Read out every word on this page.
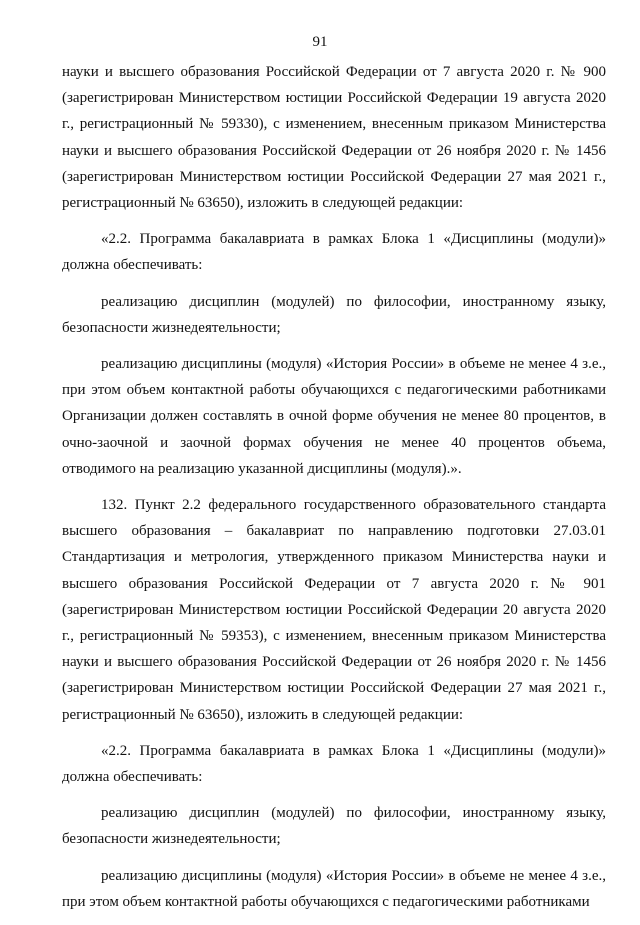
91

науки и высшего образования Российской Федерации от 7 августа 2020 г. № 900 (зарегистрирован Министерством юстиции Российской Федерации 19 августа 2020 г., регистрационный № 59330), с изменением, внесенным приказом Министерства науки и высшего образования Российской Федерации от 26 ноября 2020 г. № 1456 (зарегистрирован Министерством юстиции Российской Федерации 27 мая 2021 г., регистрационный № 63650), изложить в следующей редакции:

«2.2. Программа бакалавриата в рамках Блока 1 «Дисциплины (модули)» должна обеспечивать:

реализацию дисциплин (модулей) по философии, иностранному языку, безопасности жизнедеятельности;

реализацию дисциплины (модуля) «История России» в объеме не менее 4 з.е., при этом объем контактной работы обучающихся с педагогическими работниками Организации должен составлять в очной форме обучения не менее 80 процентов, в очно-заочной и заочной формах обучения не менее 40 процентов объема, отводимого на реализацию указанной дисциплины (модуля).».

132. Пункт 2.2 федерального государственного образовательного стандарта высшего образования – бакалавриат по направлению подготовки 27.03.01 Стандартизация и метрология, утвержденного приказом Министерства науки и высшего образования Российской Федерации от 7 августа 2020 г. № 901 (зарегистрирован Министерством юстиции Российской Федерации 20 августа 2020 г., регистрационный № 59353), с изменением, внесенным приказом Министерства науки и высшего образования Российской Федерации от 26 ноября 2020 г. № 1456 (зарегистрирован Министерством юстиции Российской Федерации 27 мая 2021 г., регистрационный № 63650), изложить в следующей редакции:

«2.2. Программа бакалавриата в рамках Блока 1 «Дисциплины (модули)» должна обеспечивать:

реализацию дисциплин (модулей) по философии, иностранному языку, безопасности жизнедеятельности;

реализацию дисциплины (модуля) «История России» в объеме не менее 4 з.е., при этом объем контактной работы обучающихся с педагогическими работниками
